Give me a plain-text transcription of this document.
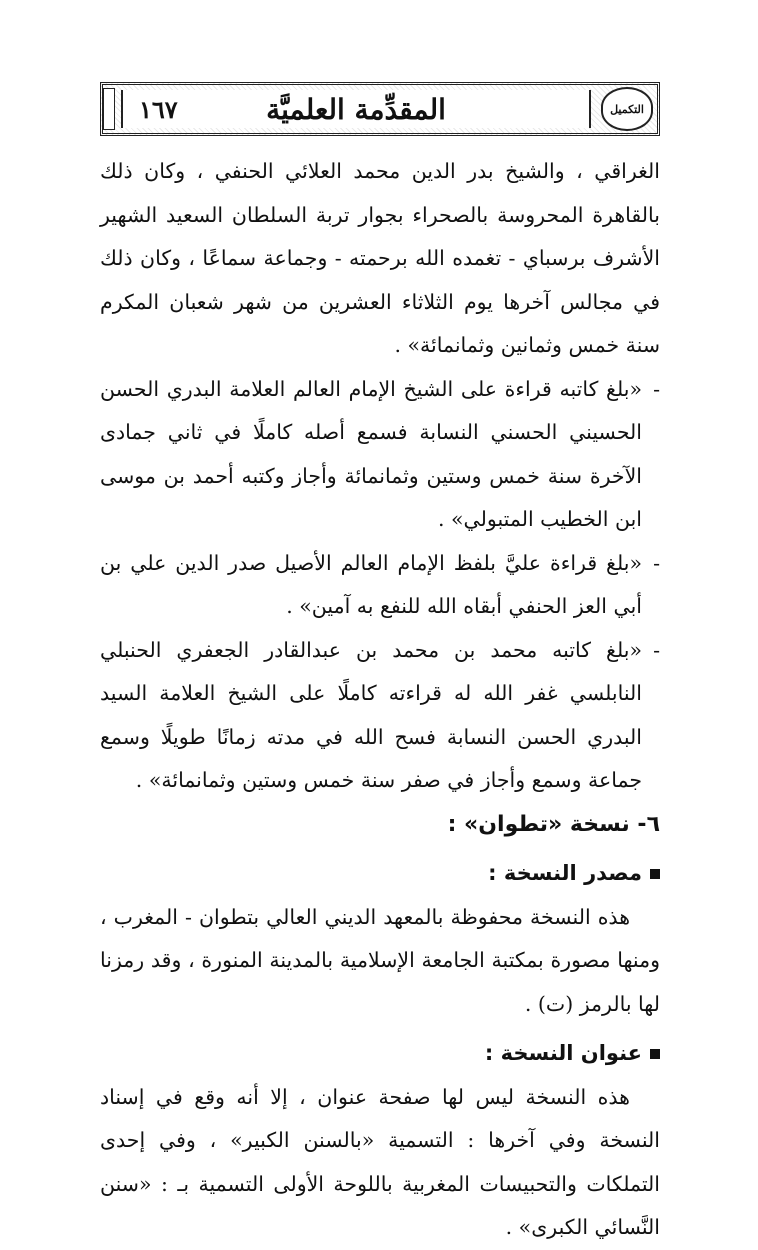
١٦٧	المقدِّمة العلميَّة	التكميل

الغراقي ، والشيخ بدر الدين محمد العلائي الحنفي ، وكان ذلك بالقاهرة المحروسة بالصحراء بجوار تربة السلطان السعيد الشهير الأشرف برسباي - تغمده الله برحمته - وجماعة سماعًا ، وكان ذلك في مجالس آخرها يوم الثلاثاء العشرين من شهر شعبان المكرم سنة خمس وثمانين وثمانمائة» .

-
«بلغ كاتبه قراءة على الشيخ الإمام العالم العلامة البدري الحسن الحسيني الحسني النسابة فسمع أصله كاملًا في ثاني جمادى الآخرة سنة خمس وستين وثمانمائة وأجاز وكتبه أحمد بن موسى ابن الخطيب المتبولي» .

-
«بلغ قراءة عليَّ بلفظ الإمام العالم الأصيل صدر الدين علي بن أبي العز الحنفي أبقاه الله للنفع به آمين» .

-
«بلغ كاتبه محمد بن محمد بن عبدالقادر الجعفري الحنبلي النابلسي غفر الله له قراءته كاملًا على الشيخ العلامة السيد البدري الحسن النسابة فسح الله في مدته زمانًا طويلًا وسمع جماعة وسمع وأجاز في صفر سنة خمس وستين وثمانمائة» .

٦- نسخة «تطوان» :

مصدر النسخة :

هذه النسخة محفوظة بالمعهد الديني العالي بتطوان - المغرب ، ومنها مصورة بمكتبة الجامعة الإسلامية بالمدينة المنورة ، وقد رمزنا لها بالرمز (ت) .

عنوان النسخة :

هذه النسخة ليس لها صفحة عنوان ، إلا أنه وقع في إسناد النسخة وفي آخرها : التسمية «بالسنن الكبير» ، وفي إحدى التملكات والتحبيسات المغربية باللوحة الأولى التسمية بـ : «سنن النَّسائي الكبرى» .
